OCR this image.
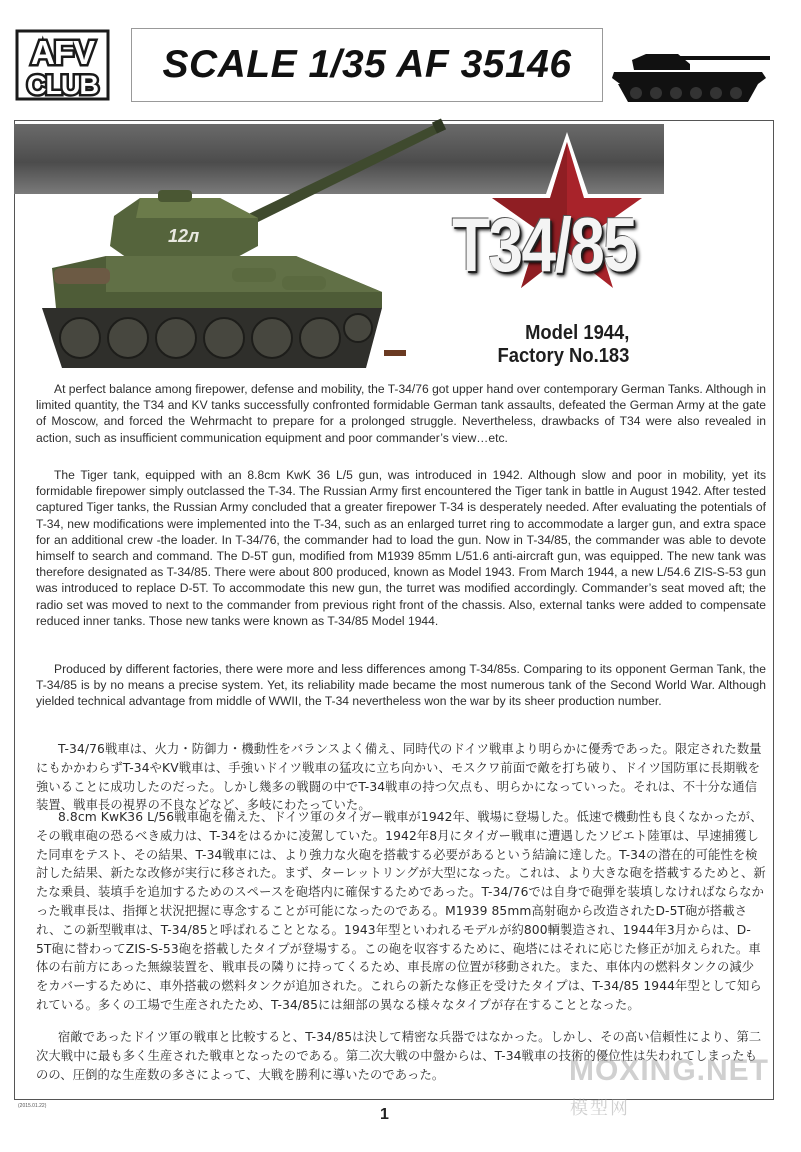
AFV
CLUB SCALE 1/35 AF 35146
12л	T34/85
Model 1944,
Factory No.183

At perfect balance among firepower, defense and mobility, the T-34/76 got upper hand over contemporary German Tanks. Although in limited quantity, the T34 and KV tanks successfully confronted formidable German tank assaults, defeated the German Army at the gate of Moscow, and forced the Wehrmacht to prepare for a prolonged struggle. Nevertheless, drawbacks of T34 were also revealed in action, such as insufficient communication equipment and poor commander’s view…etc.

The Tiger tank, equipped with an 8.8cm KwK 36 L/5 gun, was introduced in 1942. Although slow and poor in mobility, yet its formidable firepower simply outclassed the T-34. The Russian Army first encountered the Tiger tank in battle in August 1942. After tested captured Tiger tanks, the Russian Army concluded that a greater firepower T-34 is desperately needed. After evaluating the potentials of T-34, new modifications were implemented into the T-34, such as an enlarged turret ring to accommodate a larger gun, and extra space for an additional crew -the loader. In T-34/76, the commander had to load the gun. Now in T-34/85, the commander was able to devote himself to search and command. The D-5T gun, modified from M1939 85mm L/51.6 anti-aircraft gun, was equipped. The new tank was therefore designated as T-34/85. There were about 800 produced, known as Model 1943. From March 1944, a new L/54.6 ZIS-S-53 gun was introduced to replace D-5T. To accommodate this new gun, the turret was modified accordingly. Commander’s seat moved aft; the radio set was moved to next to the commander from previous right front of the chassis. Also, external tanks were added to compensate reduced inner tanks. Those new tanks were known as T-34/85 Model 1944.

Produced by different factories, there were more and less differences among T-34/85s. Comparing to its opponent German Tank, the T-34/85 is by no means a precise system. Yet, its reliability made became the most numerous tank of the Second World War. Although yielded technical advantage from middle of WWII, the T-34 nevertheless won the war by its sheer production number.

T-34/76戦車は、火力・防御力・機動性をバランスよく備え、同時代のドイツ戦車より明らかに優秀であった。限定された数量にもかかわらずT-34やKV戦車は、手強いドイツ戦車の猛攻に立ち向かい、モスクワ前面で敵を打ち破り、ドイツ国防軍に長期戦を強いることに成功したのだった。しかし幾多の戦闘の中でT-34戦車の持つ欠点も、明らかになっていった。それは、不十分な通信装置、戦車長の視界の不良などなど、多岐にわたっていた。

8.8cm KwK36 L/56戦車砲を備えた、ドイツ軍のタイガー戦車が1942年、戦場に登場した。低速で機動性も良くなかったが、その戦車砲の恐るべき威力は、T-34をはるかに凌駕していた。1942年8月にタイガー戦車に遭遇したソビエト陸軍は、早速捕獲した同車をテスト、その結果、T-34戦車には、より強力な火砲を搭載する必要があるという結論に達した。T-34の潜在的可能性を検討した結果、新たな改修が実行に移された。まず、ターレットリングが大型になった。これは、より大きな砲を搭載するためと、新たな乗員、装填手を追加するためのスペースを砲塔内に確保するためであった。T-34/76では自身で砲弾を装填しなければならなかった戦車長は、指揮と状況把握に専念することが可能になったのである。M1939 85mm高射砲から改造されたD-5T砲が搭載され、この新型戦車は、T-34/85と呼ばれることとなる。1943年型といわれるモデルが約800輌製造され、1944年3月からは、D-5T砲に替わってZIS-S-53砲を搭載したタイプが登場する。この砲を収容するために、砲塔にはそれに応じた修正が加えられた。車体の右前方にあった無線装置を、戦車長の隣りに持ってくるため、車長席の位置が移動された。また、車体内の燃料タンクの減少をカバーするために、車外搭載の燃料タンクが追加された。これらの新たな修正を受けたタイプは、T-34/85 1944年型として知られている。多くの工場で生産されたため、T-34/85には細部の異なる様々なタイプが存在することとなった。

宿敵であったドイツ軍の戦車と比較すると、T-34/85は決して精密な兵器ではなかった。しかし、その高い信頼性により、第二次大戦中に最も多く生産された戦車となったのである。第二次大戦の中盤からは、T-34戦車の技術的優位性は失われてしまったものの、圧倒的な生産数の多さによって、大戦を勝利に導いたのであった。

(2015.01.22)	1
MOXING.NET
模型网
